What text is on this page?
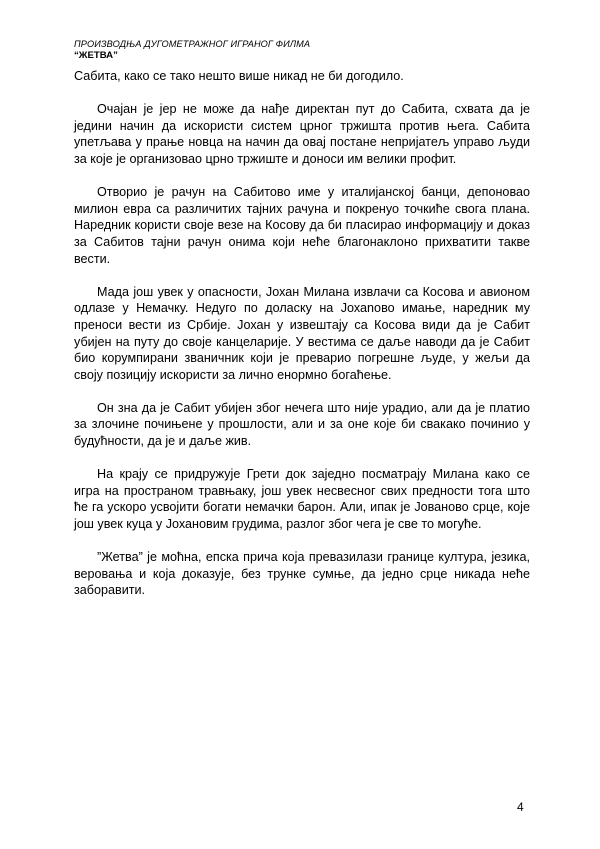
ПРОИЗВОДЊА ДУГОМЕТРАЖНОГ ИГРАНОГ ФИЛМА
“ЖЕТВА”

Сабита, како се тако нешто више никад не би догодило.

Очајан је јер не може да нађе директан пут до Сабита, схвата да је једини начин да искористи систем црног тржишта против њега. Сабита упетљава у прање новца на начин да овај постане непријатељ управо људи за које је организовао црно тржиште и доноси им велики профит.

Отворио је рачун на Сабитово име у италијанској банци, депоновао милион евра са различитих тајних рачуна и покренуо точкиће свога плана. Наредник користи своје везе на Косову да би пласирао информацију и доказ за Сабитов тајни рачун онима који неће благонаклоно прихватити такве вести.

Мада још увек у опасности, Јохан Милана извлачи са Косова и авионом одлазе у Немачку. Недуго по доласку на Јохаnово имање, наредник му преноси вести из Србије. Јохан у извештају са Косова види да је Сабит убијен на путу до своје канцеларије. У вестима се даље наводи да је Сабит био корумпирани званичник који је преварио погрешне људе, у жељи да своју позицију искористи за лично енормно богаћење.

Он зна да је Сабит убијен због нечега што није урадио, али да је платио за злочине почињене у прошлости, али и за оне које би свакако починио у будућности, да је и даље жив.

На крају се придружује Грети док заједно посматрају Милана како се игра на пространом травњаку, још увек несвесног свих предности тога што ће га ускоро усвојити богати немачки барон. Али, ипак је Јованово срце, које још увек куца у Јохановим грудима, разлог због чега је све то могуће.

”Жетва” је моћна, епска прича која превазилази границе култура, језика, веровања и која доказује, без трунке сумње, да једно срце никада неће заборавити.

4
